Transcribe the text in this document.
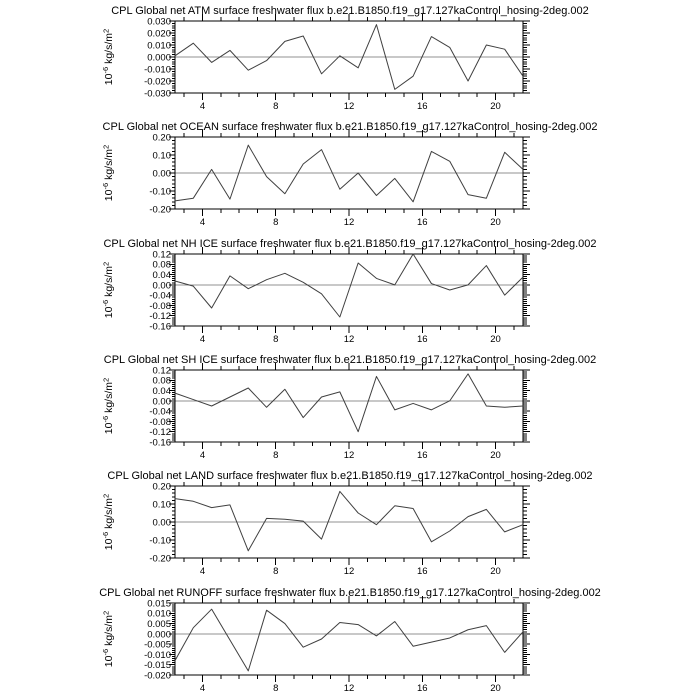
4	8	12	16	20
0.030
0.020
0.010
0.000
-0.010
-0.020
-0.030
$10^{-6}$ $kg/s/m^2$
4	8	12	16	20
0.20
0.10
0.00
-0.10
-0.20
$10^{-6}$ $kg/s/m^2$
4	8	12	16	20
0.12
0.08
0.04
0.00
-0.04
-0.08
-0.12
-0.16
$10^{-6}$ $kg/s/m^2$
4	8	12	16	20
0.12
0.08
0.04
0.00
-0.04
-0.08
-0.12
-0.16
$10^{-6}$ $kg/s/m^2$
4	8	12	16	20
0.20
0.10
0.00
-0.10
-0.20
$10^{-6}$ $kg/s/m^2$
4	8	12	16	20
0.015
0.010
0.005
0.000
-0.005
-0.010
-0.015
-0.020
$10^{-6}$ $kg/s/m^2$
CPL Global net ATM surface freshwater flux b.e21.B1850.f19_g17.127kaControl_hosing-2deg.002
CPL Global net OCEAN surface freshwater flux b.e21.B1850.f19_g17.127kaControl_hosing-2deg.002
CPL Global net NH ICE surface freshwater flux b.e21.B1850.f19_g17.127kaControl_hosing-2deg.002
CPL Global net SH ICE surface freshwater flux b.e21.B1850.f19_g17.127kaControl_hosing-2deg.002
CPL Global net LAND surface freshwater flux b.e21.B1850.f19_g17.127kaControl_hosing-2deg.002
CPL Global net RUNOFF surface freshwater flux b.e21.B1850.f19_g17.127kaControl_hosing-2deg.002
